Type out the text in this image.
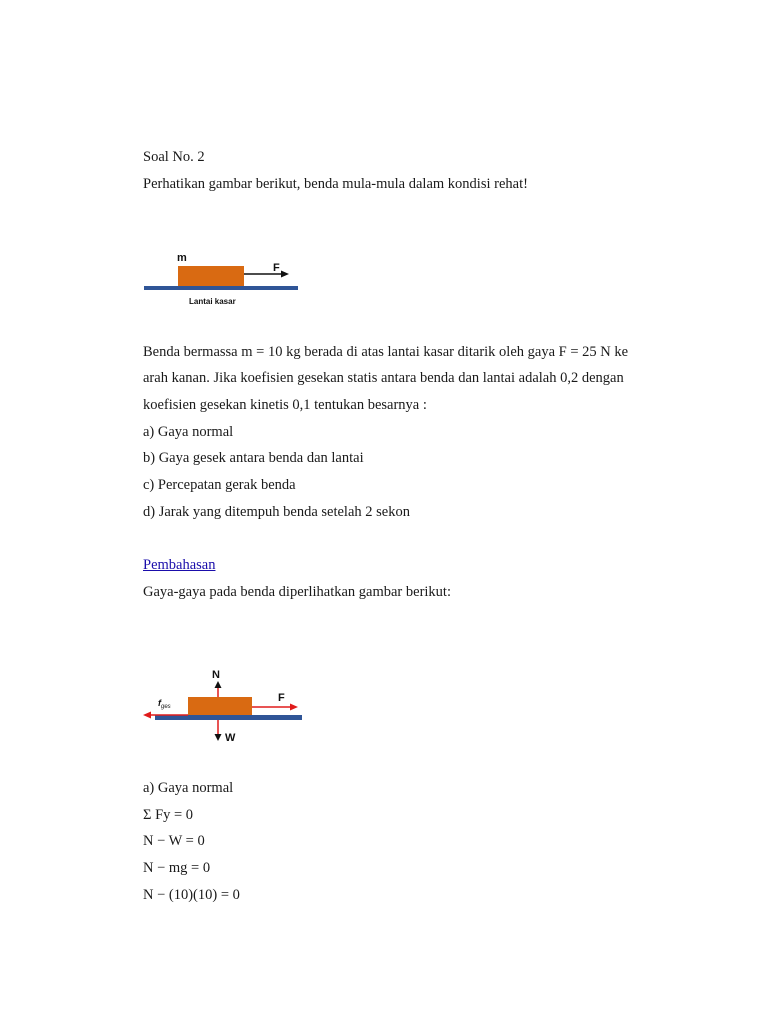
Soal No. 2
Perhatikan gambar berikut, benda mula-mula dalam kondisi rehat!
m
F
Lantai kasar
Benda bermassa m = 10 kg berada di atas lantai kasar ditarik oleh gaya F = 25 N ke
arah kanan. Jika koefisien gesekan statis antara benda dan lantai adalah 0,2 dengan
koefisien gesekan kinetis 0,1 tentukan besarnya :
a) Gaya normal
b) Gaya gesek antara benda dan lantai
c) Percepatan gerak benda
d) Jarak yang ditempuh benda setelah 2 sekon
Pembahasan
Gaya-gaya pada benda diperlihatkan gambar berikut:
N
W
F
$f_{ges}$
a) Gaya normal
Σ Fy = 0
N − W = 0
N − mg = 0
N − (10)(10) = 0
